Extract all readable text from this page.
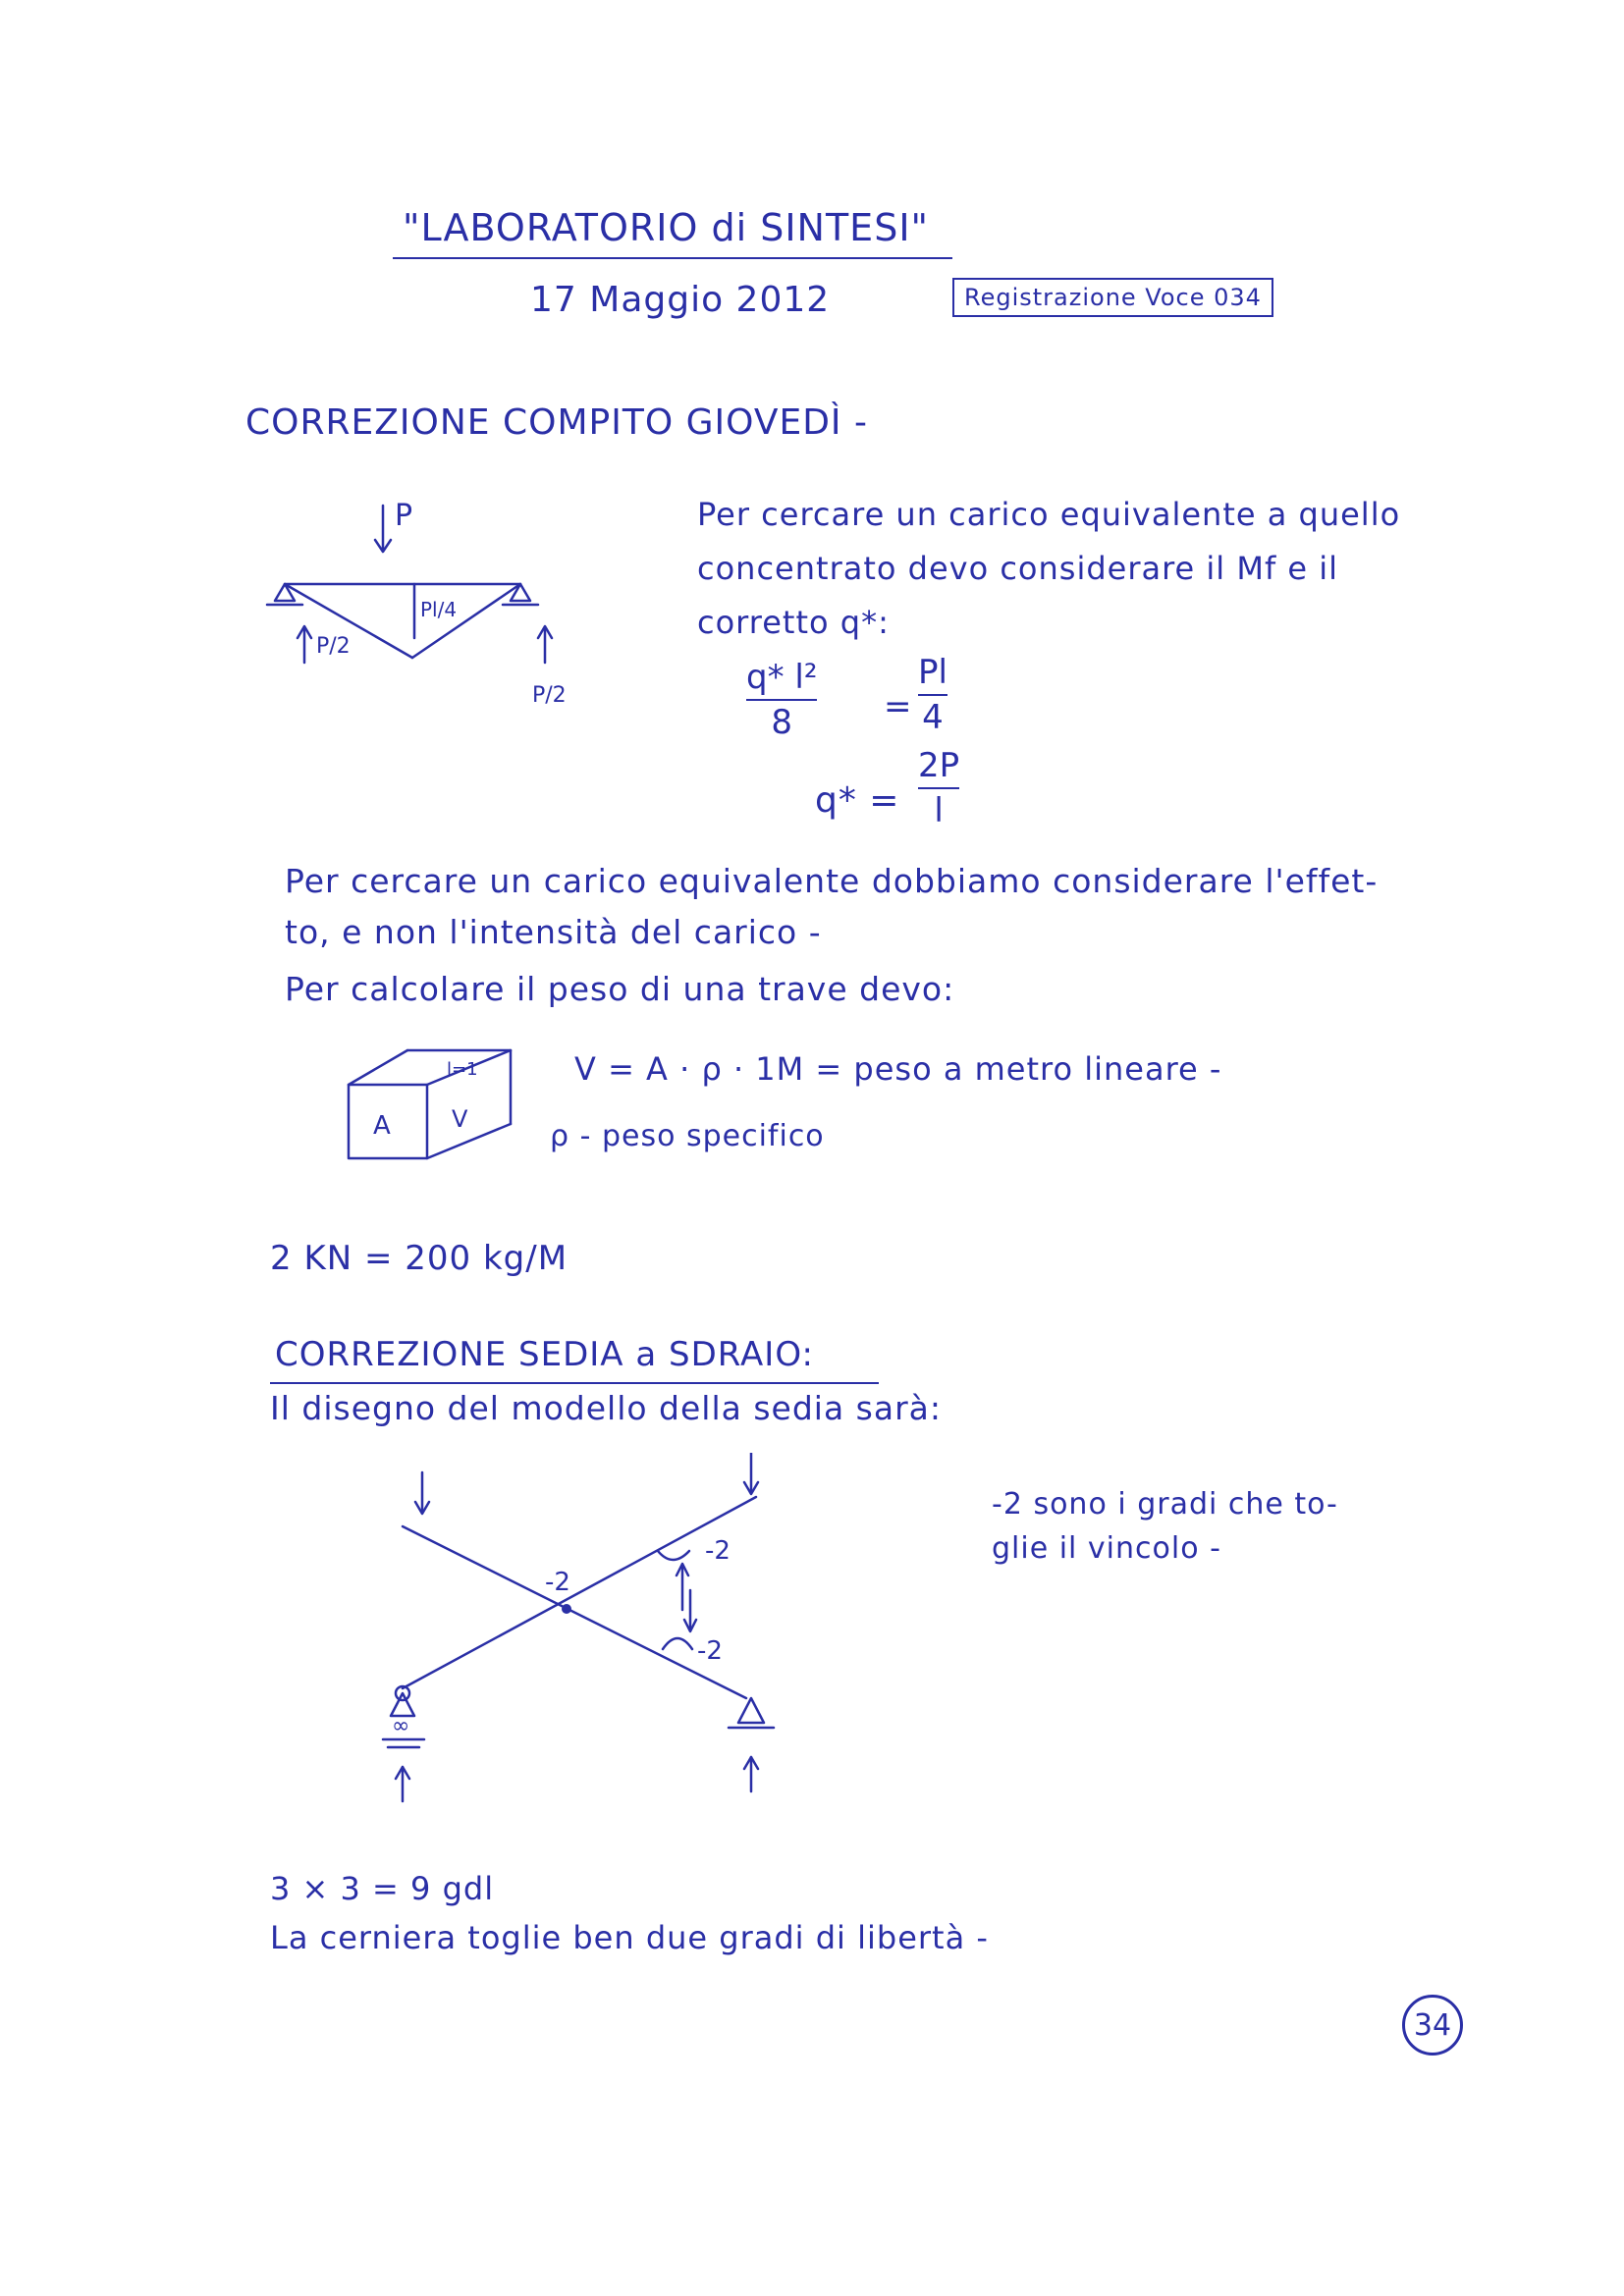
"LABORATORIO di SINTESI"
17 Maggio 2012	Registrazione Voce 034
CORREZIONE COMPITO GIOVEDÌ -
P
Pl/4
P/2
P/2
Per cercare un carico equivalente a quello
concentrato devo considerare il Mf e il
corretto q*:
q* l²
8	=
Pl
4
q* =
2P
l
Per cercare un carico equivalente dobbiamo considerare l'effet-
to, e non l'intensità del carico -
Per calcolare il peso di una trave devo:
l=1
A	V
V = A · ρ · 1M = peso a metro lineare -
ρ - peso specifico
2 KN = 200 kg/M
CORREZIONE SEDIA a SDRAIO:
Il disegno del modello della sedia sarà:
-2
-2
-2
∞
-2 sono i gradi che to-
glie il vincolo -
3 × 3 = 9 gdl
La cerniera toglie ben due gradi di libertà -
34
